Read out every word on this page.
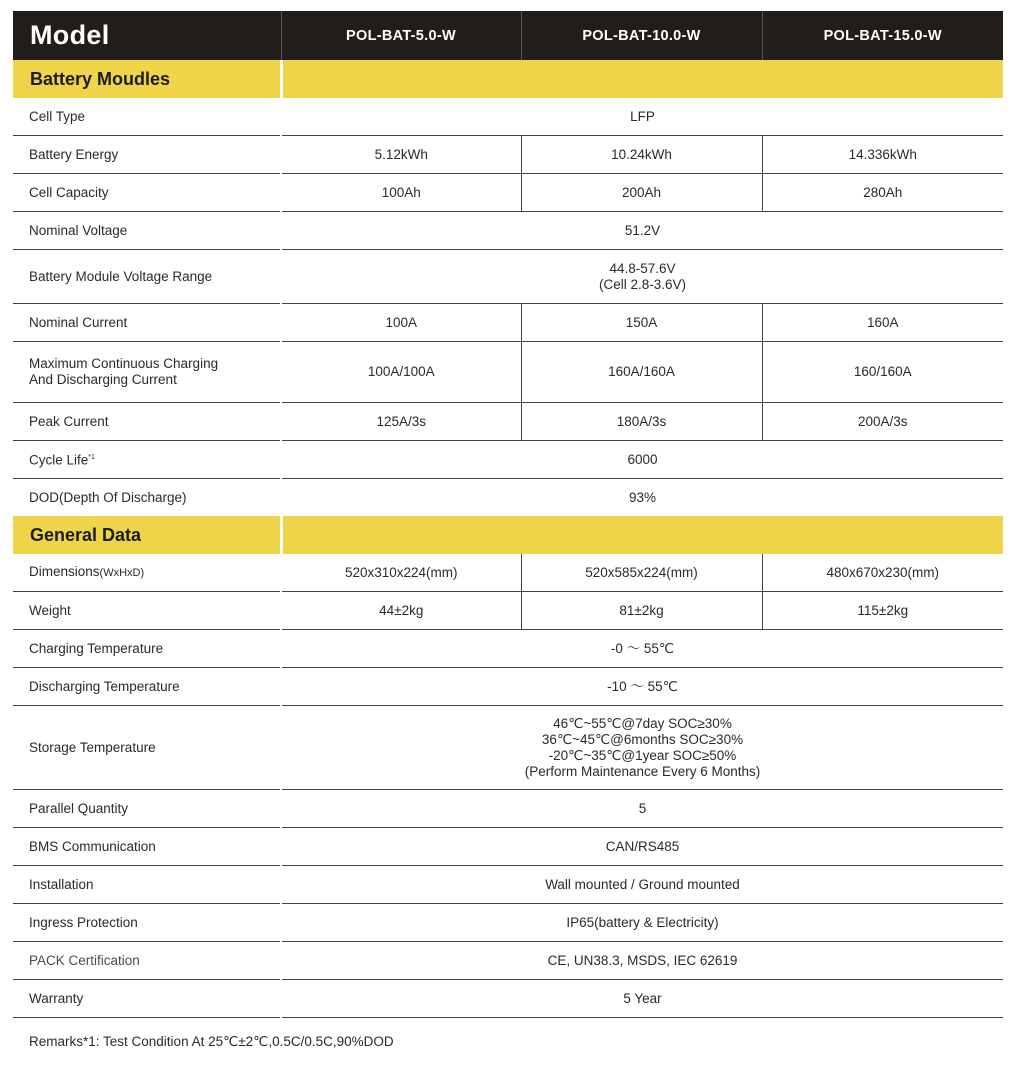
Model	POL-BAT-5.0-W	POL-BAT-10.0-W	POL-BAT-15.0-W
Battery Moudles			
Cell Type	LFP		
Battery Energy	5.12kWh	10.24kWh	14.336kWh
Cell Capacity	100Ah	200Ah	280Ah
Nominal Voltage	51.2V		
Battery Module Voltage Range	44.8-57.6V
(Cell 2.8-3.6V)		

Nominal Current	100A	150A	160A

Maximum Continuous Charging
And Discharging Current	100A/100A	160A/160A	160/160A
Peak Current	125A/3s	180A/3s	200A/3s
Cycle Life$^{*1}$	6000		
DOD(Depth Of Discharge)	93%		
General Data			
Dimensions(WxHxD)	520x310x224(mm)	520x585x224(mm)	480x670x230(mm)
Weight	44±2kg	81±2kg	115±2kg
Charging Temperature	-0 ～ 55℃		
Discharging Temperature	-10 ～ 55℃		
Storage Temperature	46℃~55℃@7day SOC≥30%
36℃~45℃@6months SOC≥30%
-20℃~35℃@1year SOC≥50%
(Perform Maintenance Every 6 Months)		

Parallel Quantity	5		
BMS Communication	CAN/RS485		
Installation	Wall mounted / Ground mounted		
Ingress Protection	IP65(battery & Electricity)		
PACK Certification	CE, UN38.3, MSDS, IEC 62619		
Warranty	5 Year		
Remarks*1: Test Condition At 25℃±2℃,0.5C/0.5C,90%DOD
